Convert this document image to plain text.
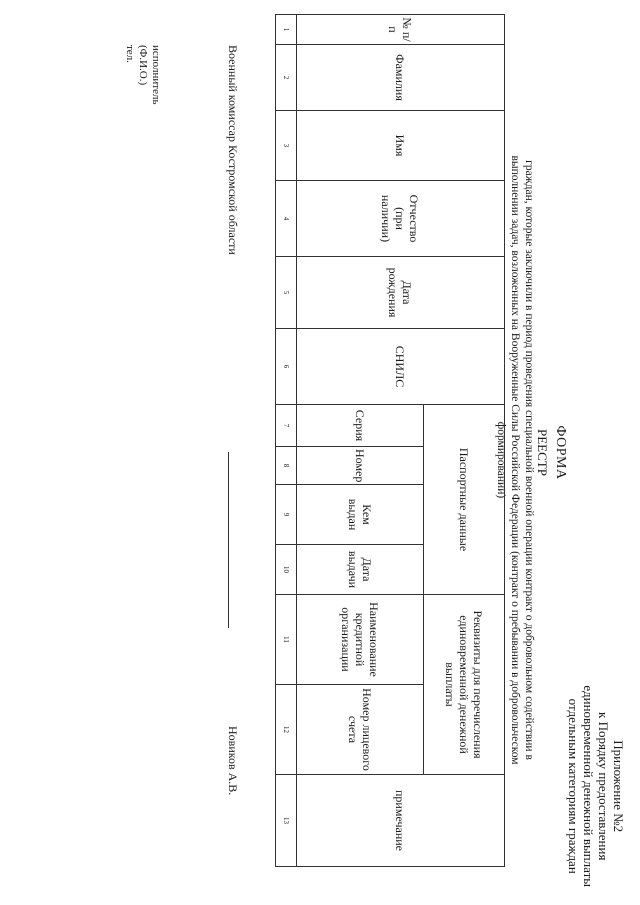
Приложение №2
к Порядку предоставления
единовременной денежной выплаты
отдельным категориям граждан
ФОРМА
РЕЕСТР
граждан, которые заключили в период проведения специальной военной операции контракт о добровольном содействии в выполнении задач, возложенных на Вооруженные Силы Российской Федерации (контракт о пребывании в добровольческом формировании)
№ п/п	Фамилия	Имя	Отчество (при наличии)	Дата рождения	СНИЛС	Паспортные данные				Реквизиты для перечисления единовременной денежной выплаты		примечание
						Серия	Номер	Кем выдан	Дата выдачи	Наименование кредитной организации	Номер лицевого счета	
1	2	3	4	5	6	7	8	9	10	11	12	13
Военный комиссар Костромской области
Новиков А.В.
исполнитель
(Ф.И.О.)
тел.
